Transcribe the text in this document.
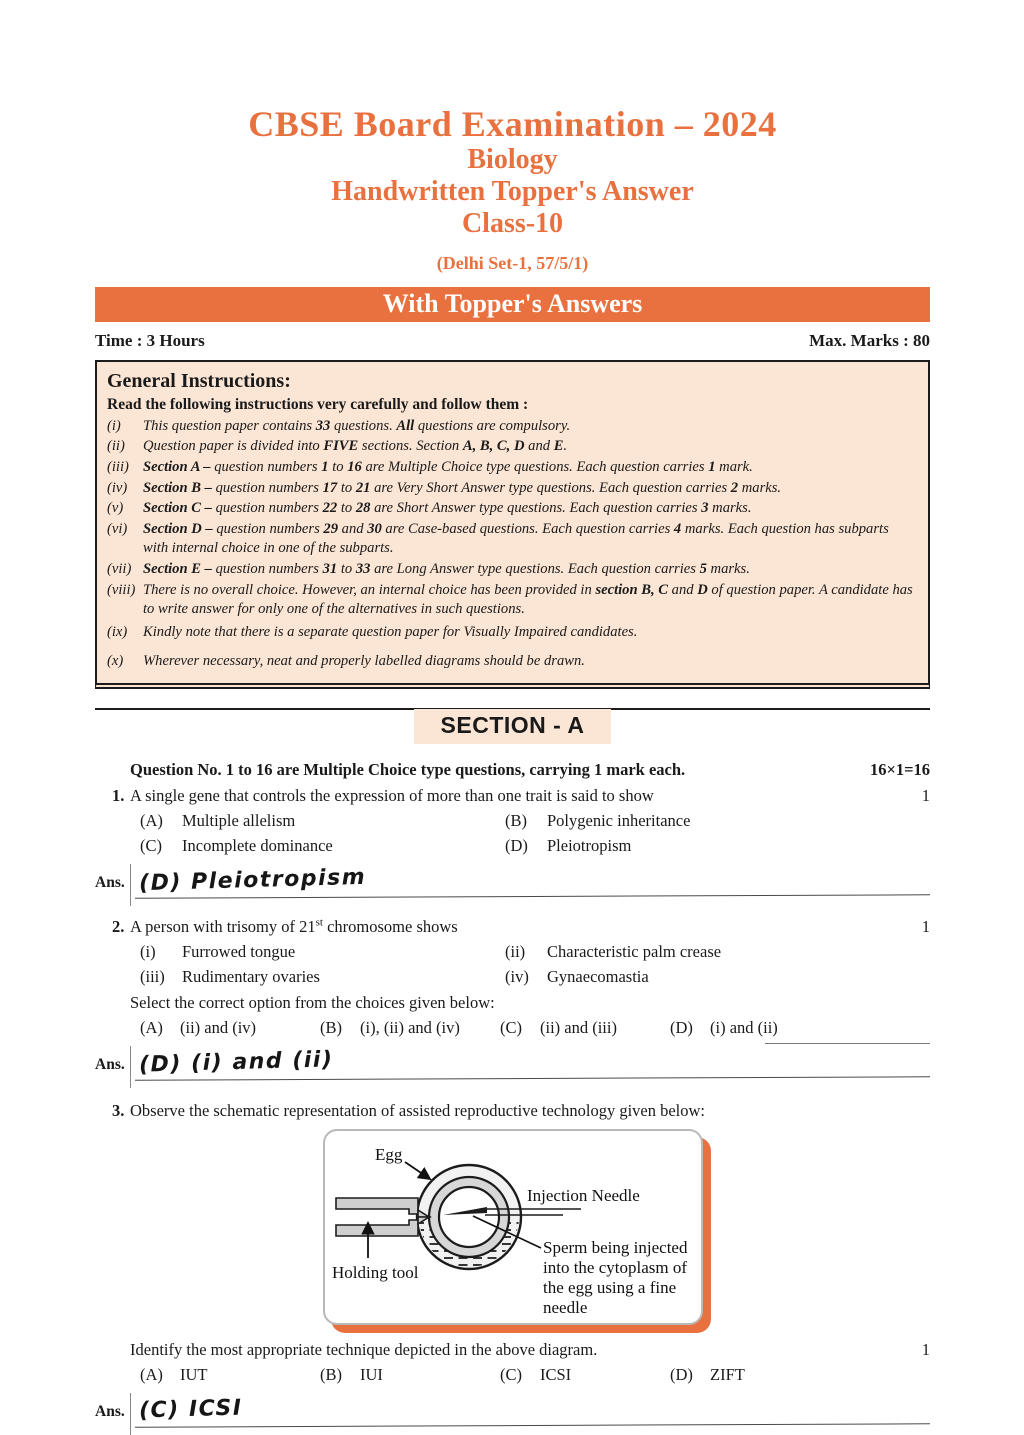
CBSE Board Examination – 2024
Biology
Handwritten Topper's Answer
Class-10
(Delhi Set-1, 57/5/1)
With Topper's Answers
Time : 3 Hours	Max. Marks : 80
General Instructions:
Read the following instructions very carefully and follow them :
(i)	This question paper contains 33 questions. All questions are compulsory.
(ii)	Question paper is divided into FIVE sections. Section A, B, C, D and E.
(iii) Section A – question numbers 1 to 16 are Multiple Choice type questions. Each question carries 1 mark.
(iv)	Section B – question numbers 17 to 21 are Very Short Answer type questions. Each question carries 2 marks.
(v)	Section C – question numbers 22 to 28 are Short Answer type questions. Each question carries 3 marks.
(vi)	Section D – question numbers 29 and 30 are Case-based questions. Each question carries 4 marks. Each question has subparts with internal choice in one of the subparts.
(vii) Section E – question numbers 31 to 33 are Long Answer type questions. Each question carries 5 marks.
(viii) There is no overall choice. However, an internal choice has been provided in section B, C and D of question paper. A candidate has to write answer for only one of the alternatives in such questions.
(ix)	Kindly note that there is a separate question paper for Visually Impaired candidates.
(x)	Wherever necessary, neat and properly labelled diagrams should be drawn.
SECTION - A
Question No. 1 to 16 are Multiple Choice type questions, carrying 1 mark each.	16×1=16
1. A single gene that controls the expression of more than one trait is said to show	1
(A)	Multiple allelism	(B)	Polygenic inheritance
(C)	Incomplete dominance	(D)	Pleiotropism
Ans. (D) Pleiotropism
2. A person with trisomy of 21st chromosome shows	1
(i)	Furrowed tongue	(ii)	Characteristic palm crease
(iii)	Rudimentary ovaries	(iv)	Gynaecomastia
Select the correct option from the choices given below:
(A)	(ii) and (iv)	(B)	(i), (ii) and (iv) (C)	(ii) and (iii)	(D)	(i) and (ii)
Ans. (D) (i) and (ii)
3. Observe the schematic representation of assisted reproductive technology given below:
Egg
Injection Needle
Holding tool
Sperm being injected
into the cytoplasm of
the egg using a fine
needle
Identify the most appropriate technique depicted in the above diagram.	1
(A)	IUT	(B)	IUI	(C)	ICSI	(D)	ZIFT
Ans. (C) ICSI
